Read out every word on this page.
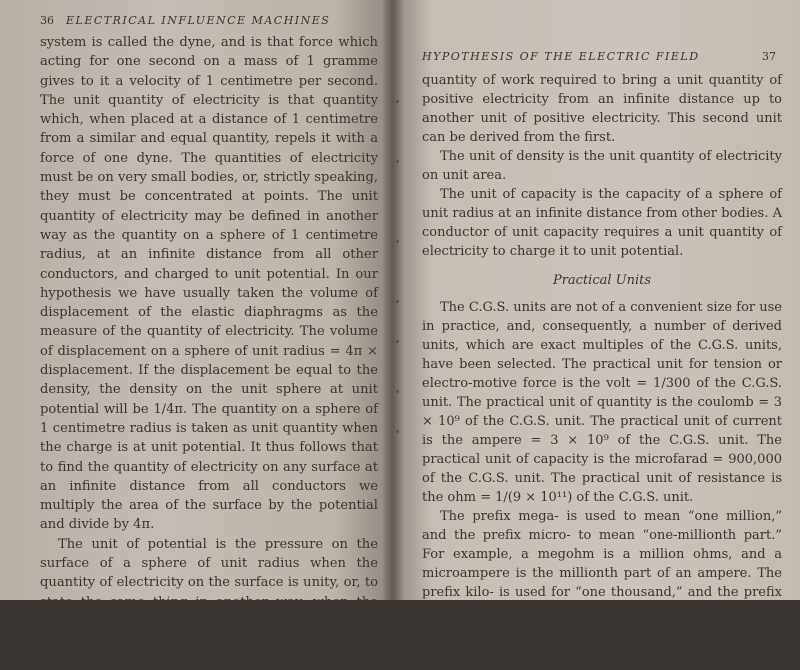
36 ELECTRICAL INFLUENCE MACHINES

system is called the dyne, and is that force which acting for one second on a mass of 1 gramme gives to it a velocity of 1 centimetre per second. The unit quantity of electricity is that quantity which, when placed at a distance of 1 centimetre from a similar and equal quantity, repels it with a force of one dyne. The quantities of electricity must be on very small bodies, or, strictly speaking, they must be concentrated at points. The unit quantity of electricity may be defined in another way as the quantity on a sphere of 1 centimetre radius, at an infinite distance from all other conductors, and charged to unit potential. In our hypothesis we have usually taken the volume of displacement of the elastic diaphragms as the measure of the quantity of electricity. The volume of displacement on a sphere of unit radius = 4π × displacement. If the displacement be equal to the density, the density on the unit sphere at unit potential will be 1/4π. The quantity on a sphere of 1 centimetre radius is taken as unit quantity when the charge is at unit potential. It thus follows that to find the quantity of electricity on any surface at an infinite distance from all conductors we multiply the area of the surface by the potential and divide by 4π.

The unit of potential is the pressure on the surface of a sphere of unit radius when the quantity of electricity on the surface is unity, or, to state the same thing in another way, when the displacement or density is 1/4π.

The mathematical definition of unit potential is the

HYPOTHESIS OF THE ELECTRIC FIELD	37

quantity of work required to bring a unit quantity of positive electricity from an infinite distance up to another unit of positive electricity. This second unit can be derived from the first.

The unit of density is the unit quantity of electricity on unit area.

The unit of capacity is the capacity of a sphere of unit radius at an infinite distance from other bodies. A conductor of unit capacity requires a unit quantity of electricity to charge it to unit potential.

Practical Units

The C.G.S. units are not of a convenient size for use in practice, and, consequently, a number of derived units, which are exact multiples of the C.G.S. units, have been selected. The practical unit for tension or electro-motive force is the volt = 1/300 of the C.G.S. unit. The practical unit of quantity is the coulomb = 3 × 10⁹ of the C.G.S. unit. The practical unit of current is the ampere = 3 × 10⁹ of the C.G.S. unit. The practical unit of capacity is the microfarad = 900,000 of the C.G.S. unit. The practical unit of resistance is the ohm = 1/(9 × 10¹¹) of the C.G.S. unit.

The prefix mega- is used to mean “one million,” and the prefix micro- to mean “one-millionth part.” For example, a megohm is a million ohms, and a microampere is the millionth part of an ampere. The prefix kilo- is used for “one thousand,” and the prefix milli- for “one-
